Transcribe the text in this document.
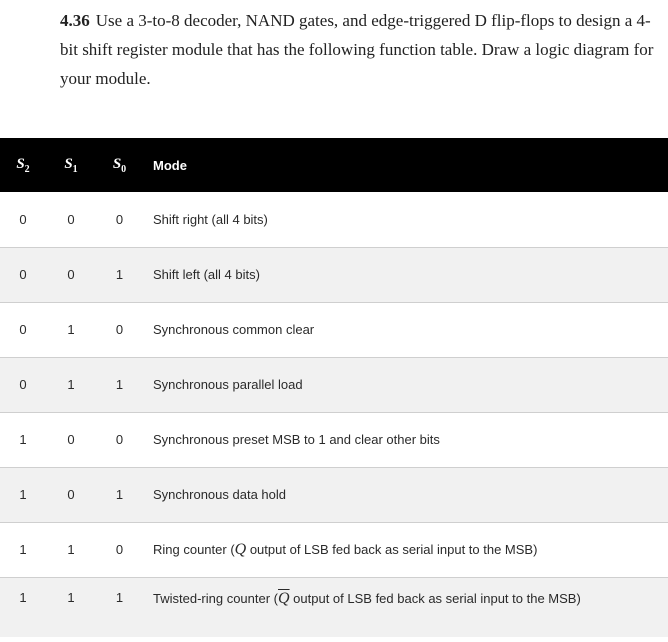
4.36 Use a 3-to-8 decoder, NAND gates, and edge-triggered D flip-flops to design a 4-bit shift register module that has the following function table. Draw a logic diagram for your module.
$S_2$	$S_1$	$S_0$	Mode
0	0	0	Shift right (all 4 bits)
0	0	1	Shift left (all 4 bits)
0	1	0	Synchronous common clear
0	1	1	Synchronous parallel load
1	0	0	Synchronous preset MSB to 1 and clear other bits
1	0	1	Synchronous data hold
1	1	0	Ring counter (Q output of LSB fed back as serial input to the MSB)
1	1	1	Twisted-ring counter ($\overline{Q}$ output of LSB fed back as serial input to the MSB)
